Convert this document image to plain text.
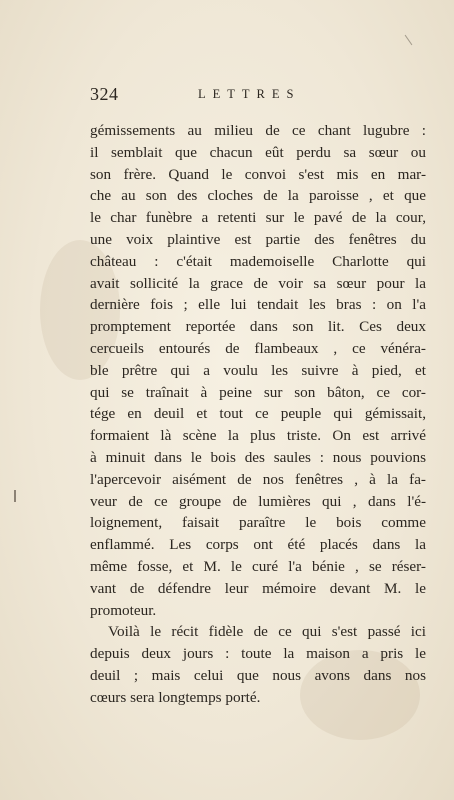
324	LETTRES
gémissements au milieu de ce chant lugubre :
il semblait que chacun eût perdu sa sœur ou
son frère. Quand le convoi s'est mis en mar-
che au son des cloches de la paroisse , et que
le char funèbre a retenti sur le pavé de la cour,
une voix plaintive est partie des fenêtres du
château : c'était mademoiselle Charlotte qui
avait sollicité la grace de voir sa sœur pour la
dernière fois ; elle lui tendait les bras : on l'a
promptement reportée dans son lit. Ces deux
cercueils entourés de flambeaux , ce vénéra-
ble prêtre qui a voulu les suivre à pied, et
qui se traînait à peine sur son bâton, ce cor-
tége en deuil et tout ce peuple qui gémissait,
formaient là scène la plus triste. On est arrivé
à minuit dans le bois des saules : nous pouvions
l'apercevoir aisément de nos fenêtres , à la fa-
veur de ce groupe de lumières qui , dans l'é-
loignement, faisait paraître le bois comme
enflammé. Les corps ont été placés dans la
même fosse, et M. le curé l'a bénie , se réser-
vant de défendre leur mémoire devant M. le
promoteur.
Voilà le récit fidèle de ce qui s'est passé ici
depuis deux jours : toute la maison a pris le
deuil ; mais celui que nous avons dans nos
cœurs sera longtemps porté.
